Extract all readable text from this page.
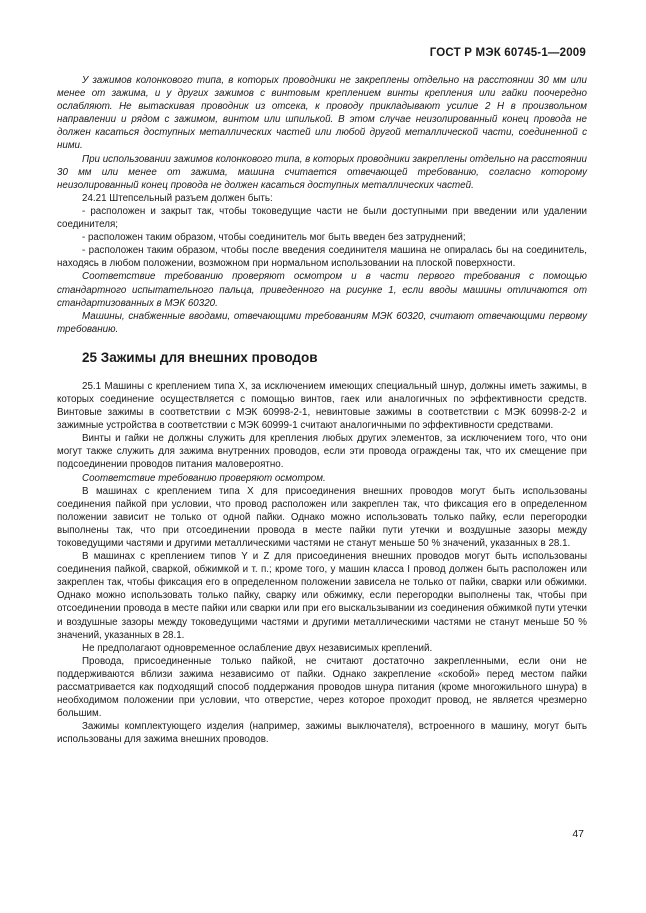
ГОСТ Р МЭК 60745-1—2009

У зажимов колонкового типа, в которых проводники не закреплены отдельно на расстоянии 30 мм или менее от зажима, и у других зажимов с винтовым креплением винты крепления или гайки поочередно ослабляют. Не вытаскивая проводник из отсека, к проводу прикладывают усилие 2 Н в произвольном направлении и рядом с зажимом, винтом или шпилькой. В этом случае неизолированный конец провода не должен касаться доступных металлических частей или любой другой металлической части, соединенной с ними.

При использовании зажимов колонкового типа, в которых проводники закреплены отдельно на расстоянии 30 мм или менее от зажима, машина считается отвечающей требованию, согласно которому неизолированный конец провода не должен касаться доступных металлических частей.

24.21 Штепсельный разъем должен быть:

- расположен и закрыт так, чтобы токоведущие части не были доступными при введении или удалении соединителя;

- расположен таким образом, чтобы соединитель мог быть введен без затруднений;

- расположен таким образом, чтобы после введения соединителя машина не опиралась бы на соединитель, находясь в любом положении, возможном при нормальном использовании на плоской поверхности.

Соответствие требованию проверяют осмотром и в части первого требования с помощью стандартного испытательного пальца, приведенного на рисунке 1, если вводы машины отличаются от стандартизованных в МЭК 60320.

Машины, снабженные вводами, отвечающими требованиям МЭК 60320, считают отвечающими первому требованию.

25 Зажимы для внешних проводов

25.1 Машины с креплением типа X, за исключением имеющих специальный шнур, должны иметь зажимы, в которых соединение осуществляется с помощью винтов, гаек или аналогичных по эффективности средств. Винтовые зажимы в соответствии с МЭК 60998-2-1, невинтовые зажимы в соответствии с МЭК 60998-2-2 и зажимные устройства в соответствии с МЭК 60999-1 считают аналогичными по эффективности средствами.

Винты и гайки не должны служить для крепления любых других элементов, за исключением того, что они могут также служить для зажима внутренних проводов, если эти провода ограждены так, что их смещение при подсоединении проводов питания маловероятно.

Соответствие требованию проверяют осмотром.

В машинах с креплением типа X для присоединения внешних проводов могут быть использованы соединения пайкой при условии, что провод расположен или закреплен так, что фиксация его в определенном положении зависит не только от одной пайки. Однако можно использовать только пайку, если перегородки выполнены так, что при отсоединении провода в месте пайки пути утечки и воздушные зазоры между токоведущими частями и другими металлическими частями не станут меньше 50 % значений, указанных в 28.1.

В машинах с креплением типов Y и Z для присоединения внешних проводов могут быть использованы соединения пайкой, сваркой, обжимкой и т. п.; кроме того, у машин класса I провод должен быть расположен или закреплен так, чтобы фиксация его в определенном положении зависела не только от пайки, сварки или обжимки. Однако можно использовать только пайку, сварку или обжимку, если перегородки выполнены так, чтобы при отсоединении провода в месте пайки или сварки или при его выскальзывании из соединения обжимкой пути утечки и воздушные зазоры между токоведущими частями и другими металлическими частями не станут меньше 50 % значений, указанных в 28.1.

Не предполагают одновременное ослабление двух независимых креплений.

Провода, присоединенные только пайкой, не считают достаточно закрепленными, если они не поддерживаются вблизи зажима независимо от пайки. Однако закрепление «скобой» перед местом пайки рассматривается как подходящий способ поддержания проводов шнура питания (кроме многожильного шнура) в необходимом положении при условии, что отверстие, через которое проходит провод, не является чрезмерно большим.

Зажимы комплектующего изделия (например, зажимы выключателя), встроенного в машину, могут быть использованы для зажима внешних проводов.

47
